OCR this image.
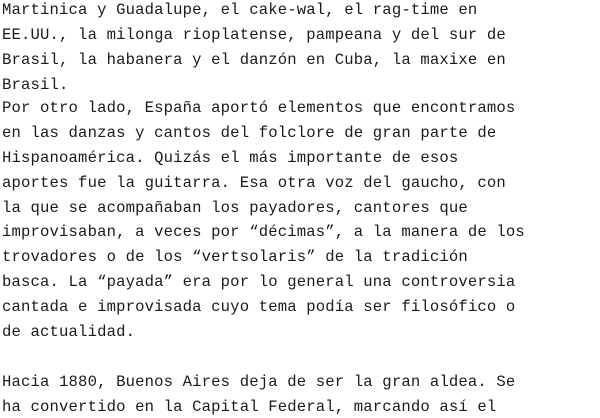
Martinica y Guadalupe, el cake-wal, el rag-time en
EE.UU., la milonga rioplatense, pampeana y del sur de
Brasil, la habanera y el danzón en Cuba, la maxixe en
Brasil.
Por otro lado, España aportó elementos que encontramos
en las danzas y cantos del folclore de gran parte de
Hispanoamérica. Quizás el más importante de esos
aportes fue la guitarra. Esa otra voz del gaucho, con
la que se acompañaban los payadores, cantores que
improvisaban, a veces por “décimas”, a la manera de los
trovadores o de los “vertsolaris” de la tradición
basca. La “payada” era por lo general una controversia
cantada e improvisada cuyo tema podía ser filosófico o
de actualidad.
Hacia 1880, Buenos Aires deja de ser la gran aldea. Se
ha convertido en la Capital Federal, marcando así el
